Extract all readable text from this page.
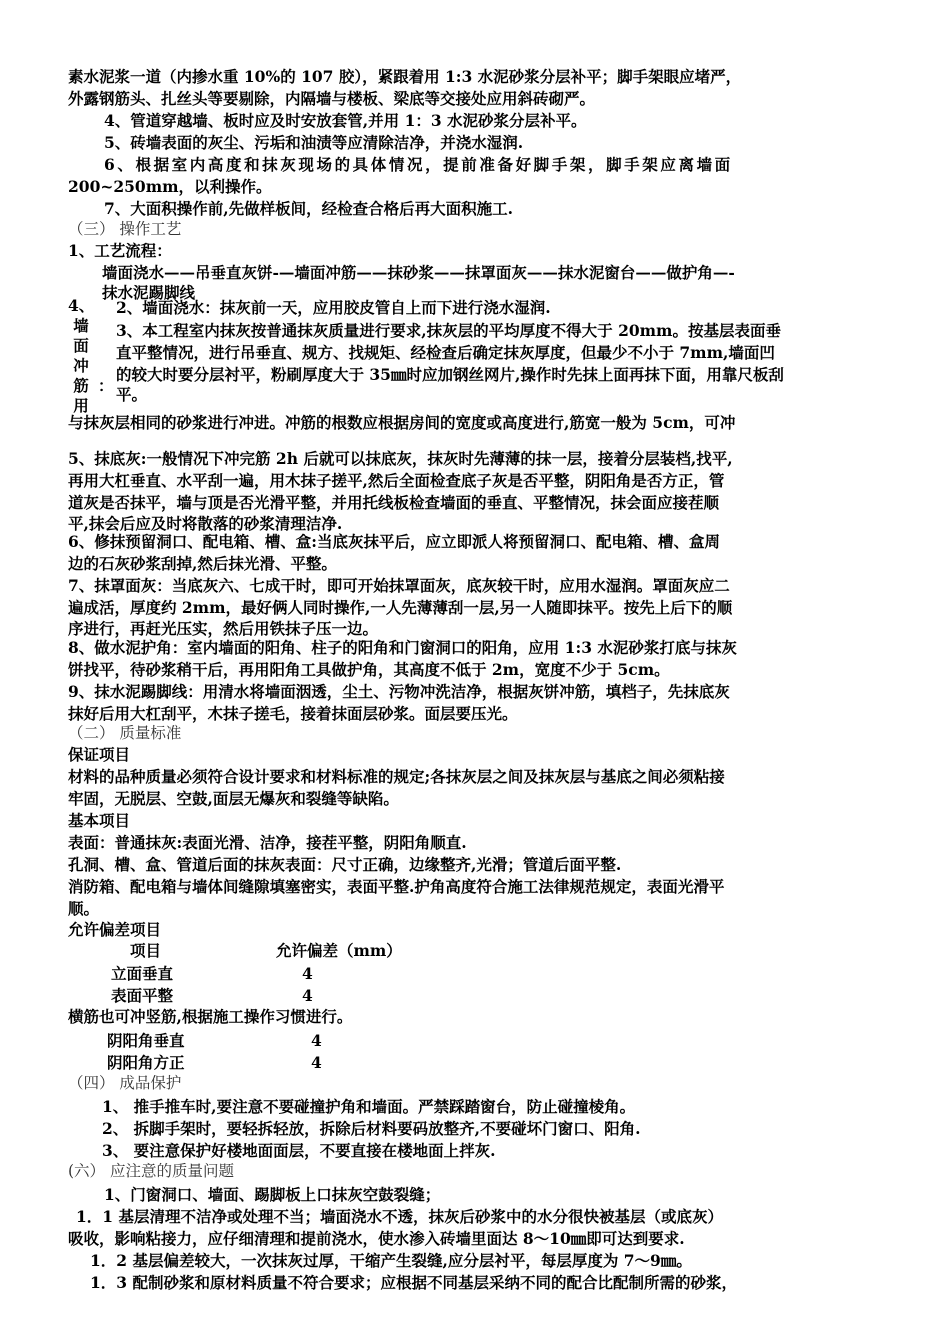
素水泥浆一道（内掺水重 10%的 107 胶），紧跟着用 1:3 水泥砂浆分层补平；脚手架眼应堵严，
外露钢筋头、扎丝头等要剔除，内隔墙与楼板、梁底等交接处应用斜砖砌严。
4、管道穿越墙、板时应及时安放套管,并用 1：3 水泥砂浆分层补平。
5、砖墙表面的灰尘、污垢和油渍等应清除洁净，并浇水湿润.
6、根据室内高度和抹灰现场的具体情况，提前准备好脚手架，脚手架应离墙面
200~250mm，以利操作。
7、大面积操作前,先做样板间，经检查合格后再大面积施工.
（三） 操作工艺
1、工艺流程：
墙面浇水——吊垂直灰饼-—墙面冲筋——抹砂浆——抹罩面灰——抹水泥窗台——做护角—-
抹水泥踢脚线
4、
墙
面
冲
筋
用
：
2、墙面浇水：抹灰前一天，应用胶皮管自上而下进行浇水湿润.
3、本工程室内抹灰按普通抹灰质量进行要求,抹灰层的平均厚度不得大于 20mm。按基层表面垂
直平整情况，进行吊垂直、规方、找规矩、经检查后确定抹灰厚度，但最少不小于 7mm,墙面凹
的较大时要分层衬平，粉刷厚度大于 35㎜时应加钢丝网片,操作时先抹上面再抹下面，用靠尺板刮
平。
与抹灰层相同的砂浆进行冲进。冲筋的根数应根据房间的宽度或高度进行,筋宽一般为 5cm，可冲
5、抹底灰:一般情况下冲完筋 2h 后就可以抹底灰，抹灰时先薄薄的抹一层，接着分层装档,找平,
再用大杠垂直、水平刮一遍，用木抹子搓平,然后全面检查底子灰是否平整，阴阳角是否方正，管
道灰是否抹平，墙与顶是否光滑平整，并用托线板检查墙面的垂直、平整情况，抹会面应接茬顺
平,抹会后应及时将散落的砂浆清理洁净.
6、修抹预留洞口、配电箱、槽、盒:当底灰抹平后，应立即派人将预留洞口、配电箱、槽、盒周
边的石灰砂浆刮掉,然后抹光滑、平整。
7、抹罩面灰：当底灰六、七成干时，即可开始抹罩面灰，底灰较干时，应用水湿润。罩面灰应二
遍成活，厚度约 2mm，最好俩人同时操作,一人先薄薄刮一层,另一人随即抹平。按先上后下的顺
序进行，再赶光压实，然后用铁抹子压一边。
8、做水泥护角：室内墙面的阳角、柱子的阳角和门窗洞口的阳角，应用 1:3 水泥砂浆打底与抹灰
饼找平，待砂浆稍干后，再用阳角工具做护角，其高度不低于 2m，宽度不少于 5cm。
9、抹水泥踢脚线：用清水将墙面洇透，尘土、污物冲洗洁净，根据灰饼冲筋，填档子，先抹底灰
抹好后用大杠刮平，木抹子搓毛，接着抹面层砂浆。面层要压光。
（二） 质量标准
保证项目
材料的品种质量必须符合设计要求和材料标准的规定;各抹灰层之间及抹灰层与基底之间必须粘接
牢固，无脱层、空鼓,面层无爆灰和裂缝等缺陷。
基本项目
表面：普通抹灰:表面光滑、洁净，接茬平整，阴阳角顺直.
孔洞、槽、盒、管道后面的抹灰表面：尺寸正确，边缘整齐,光滑；管道后面平整.
消防箱、配电箱与墙体间缝隙填塞密实，表面平整.护角高度符合施工法律规范规定，表面光滑平
顺。
允许偏差项目
项目	允许偏差（mm）
立面垂直	4
表面平整	4
横筋也可冲竖筋,根据施工操作习惯进行。
阴阳角垂直	4
阴阳角方正	4
（四） 成品保护
1、 推手推车时,要注意不要碰撞护角和墙面。严禁踩踏窗台，防止碰撞棱角。
2、 拆脚手架时，要轻拆轻放，拆除后材料要码放整齐,不要碰坏门窗口、阳角.
3、 要注意保护好楼地面面层，不要直接在楼地面上拌灰.
(六） 应注意的质量问题
1、门窗洞口、墙面、踢脚板上口抹灰空鼓裂缝；
1．1 基层清理不洁净或处理不当；墙面浇水不透，抹灰后砂浆中的水分很快被基层（或底灰）
吸收，影响粘接力，应仔细清理和提前浇水，使水渗入砖墙里面达 8～10㎜即可达到要求.
1．2 基层偏差较大，一次抹灰过厚，干缩产生裂缝,应分层衬平，每层厚度为 7～9㎜。
1．3 配制砂浆和原材料质量不符合要求；应根据不同基层采纳不同的配合比配制所需的砂浆，
